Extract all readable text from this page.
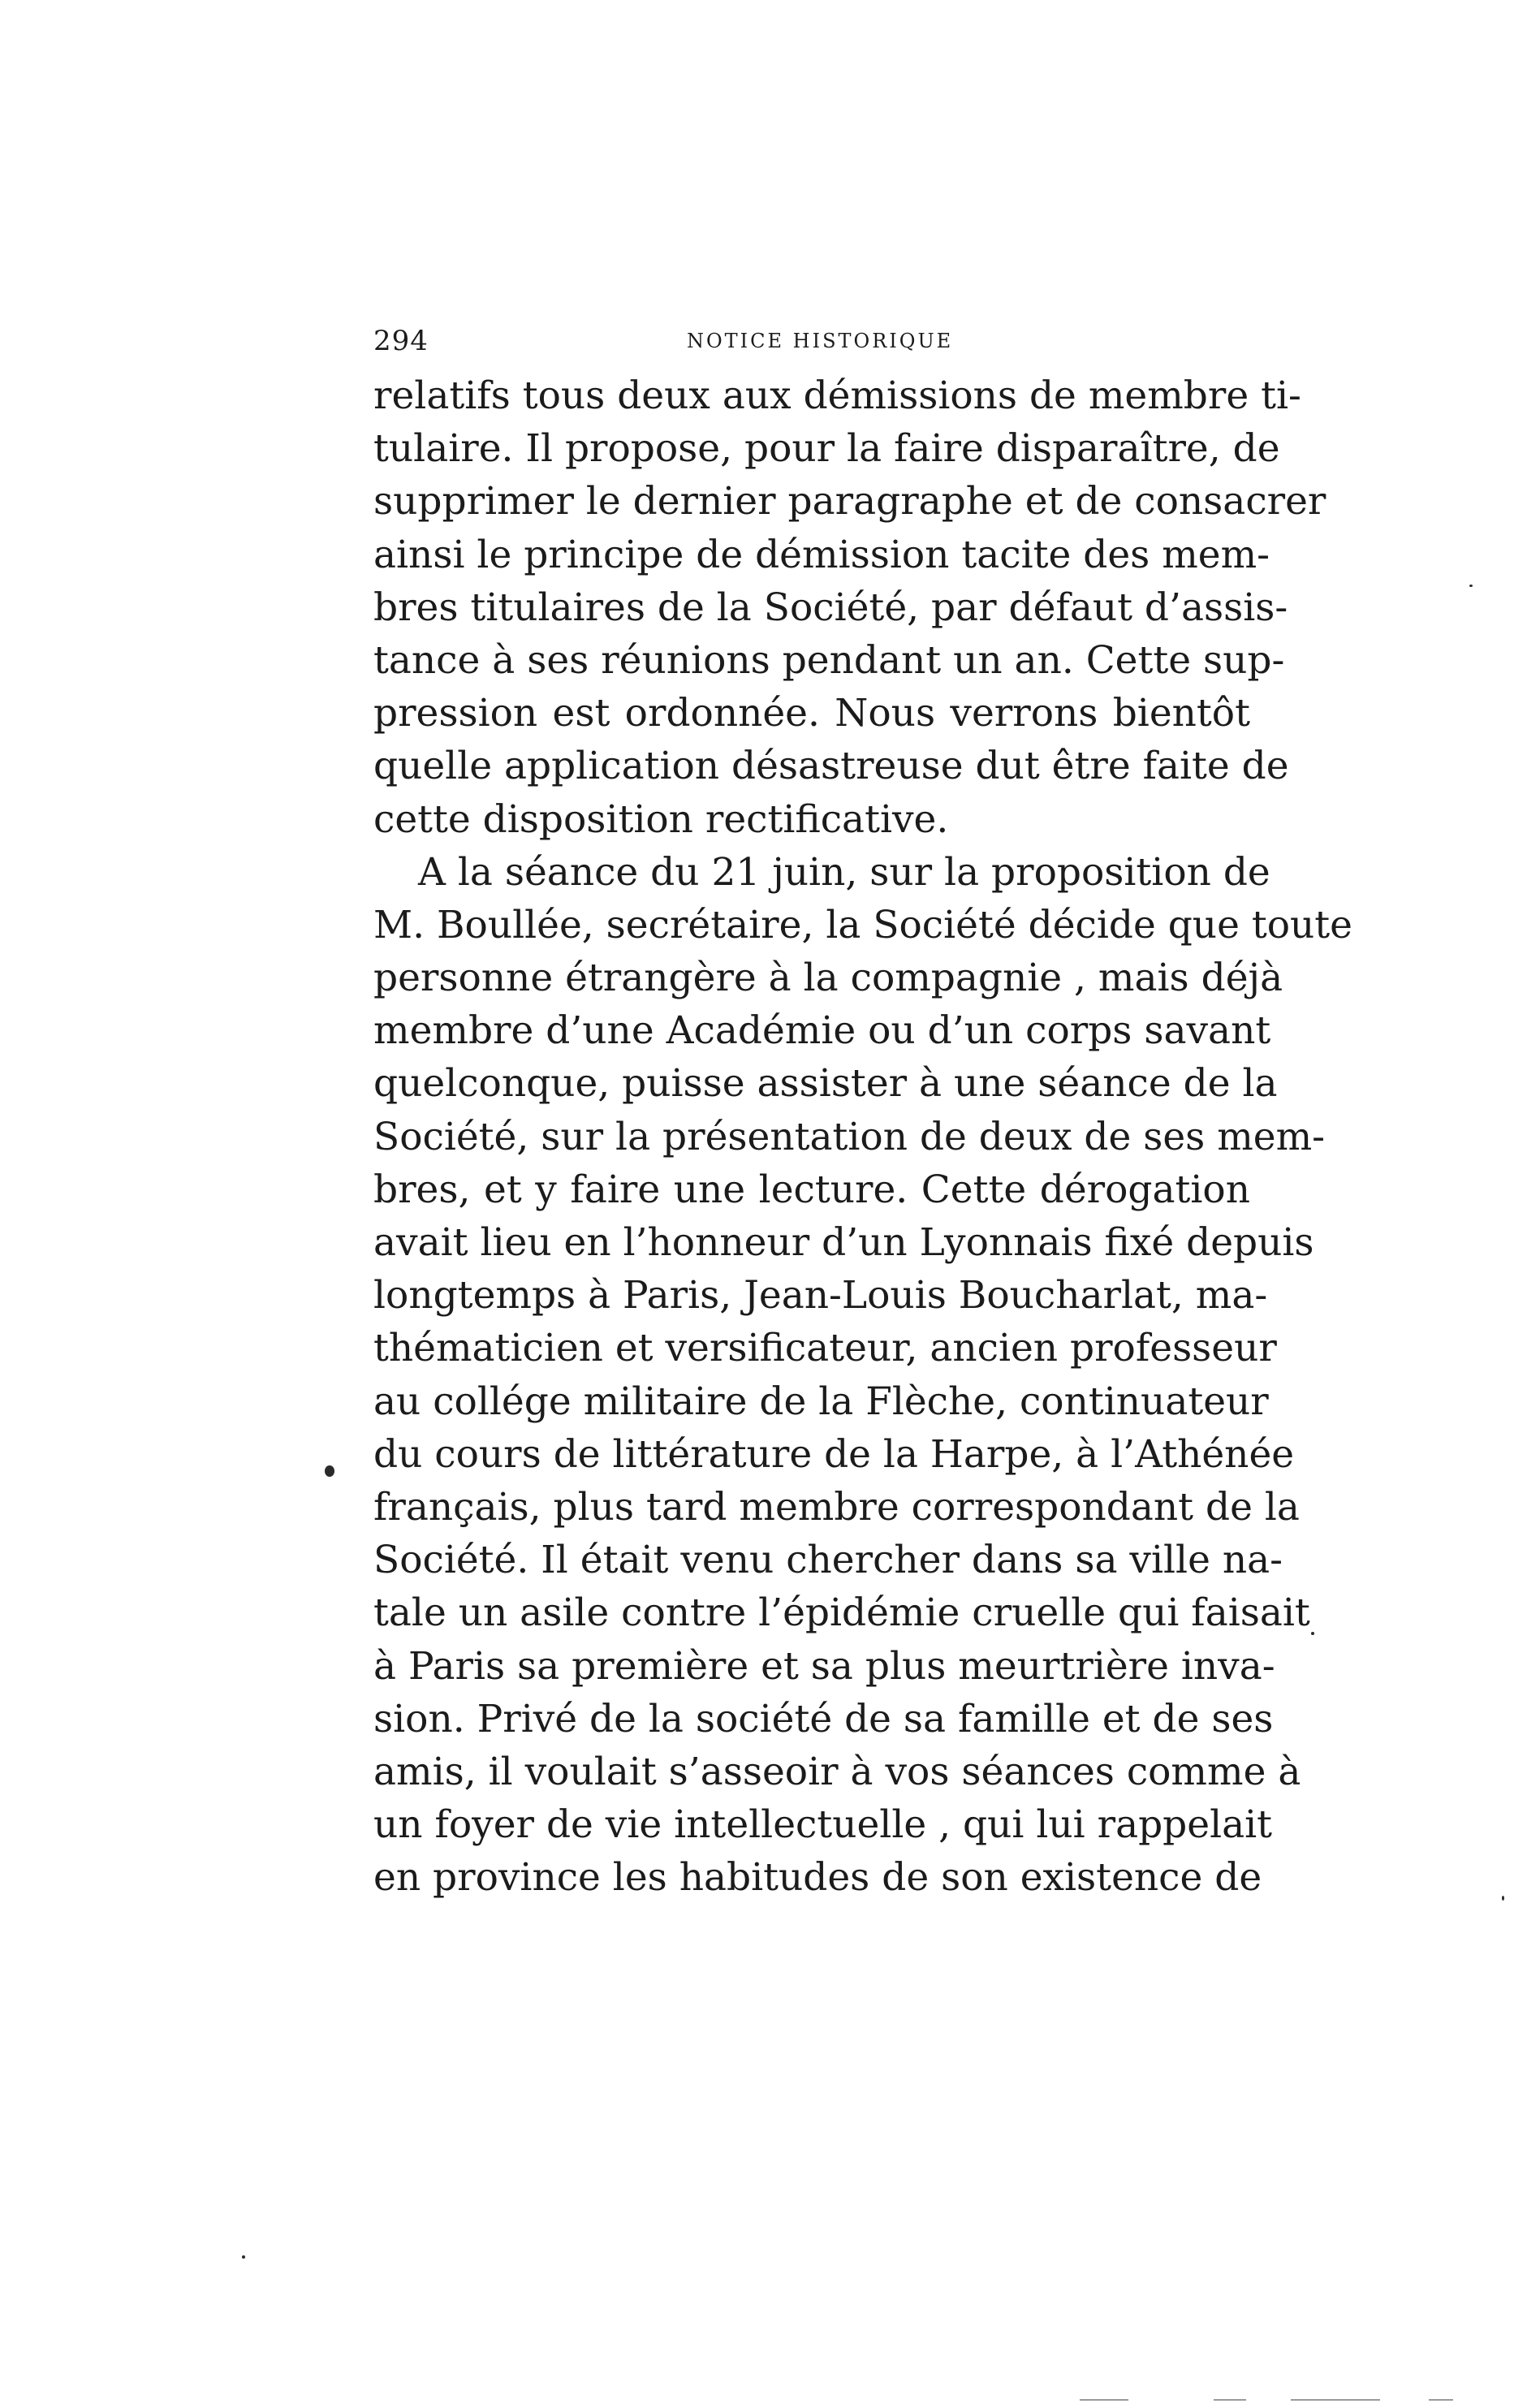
294	NOTICE HISTORIQUE
relatifs tous deux aux démissions de membre ti-
tulaire. Il propose, pour la faire disparaître, de
supprimer le dernier paragraphe et de consacrer
ainsi le principe de démission tacite des mem-
bres titulaires de la Société, par défaut d’assis-
tance à ses réunions pendant un an. Cette sup-
pression est ordonnée. Nous verrons bientôt
quelle application désastreuse dut être faite de
cette disposition rectificative.
A la séance du 21 juin, sur la proposition de
M. Boullée, secrétaire, la Société décide que toute
personne étrangère à la compagnie , mais déjà
membre d’une Académie ou d’un corps savant
quelconque, puisse assister à une séance de la
Société, sur la présentation de deux de ses mem-
bres, et y faire une lecture. Cette dérogation
avait lieu en l’honneur d’un Lyonnais fixé depuis
longtemps à Paris, Jean-Louis Boucharlat, ma-
thématicien et versificateur, ancien professeur
au collége militaire de la Flèche, continuateur
du cours de littérature de la Harpe, à l’Athénée
français, plus tard membre correspondant de la
Société. Il était venu chercher dans sa ville na-
tale un asile contre l’épidémie cruelle qui faisait
à Paris sa première et sa plus meurtrière inva-
sion. Privé de la société de sa famille et de ses
amis, il voulait s’asseoir à vos séances comme à
un foyer de vie intellectuelle , qui lui rappelait
en province les habitudes de son existence de
